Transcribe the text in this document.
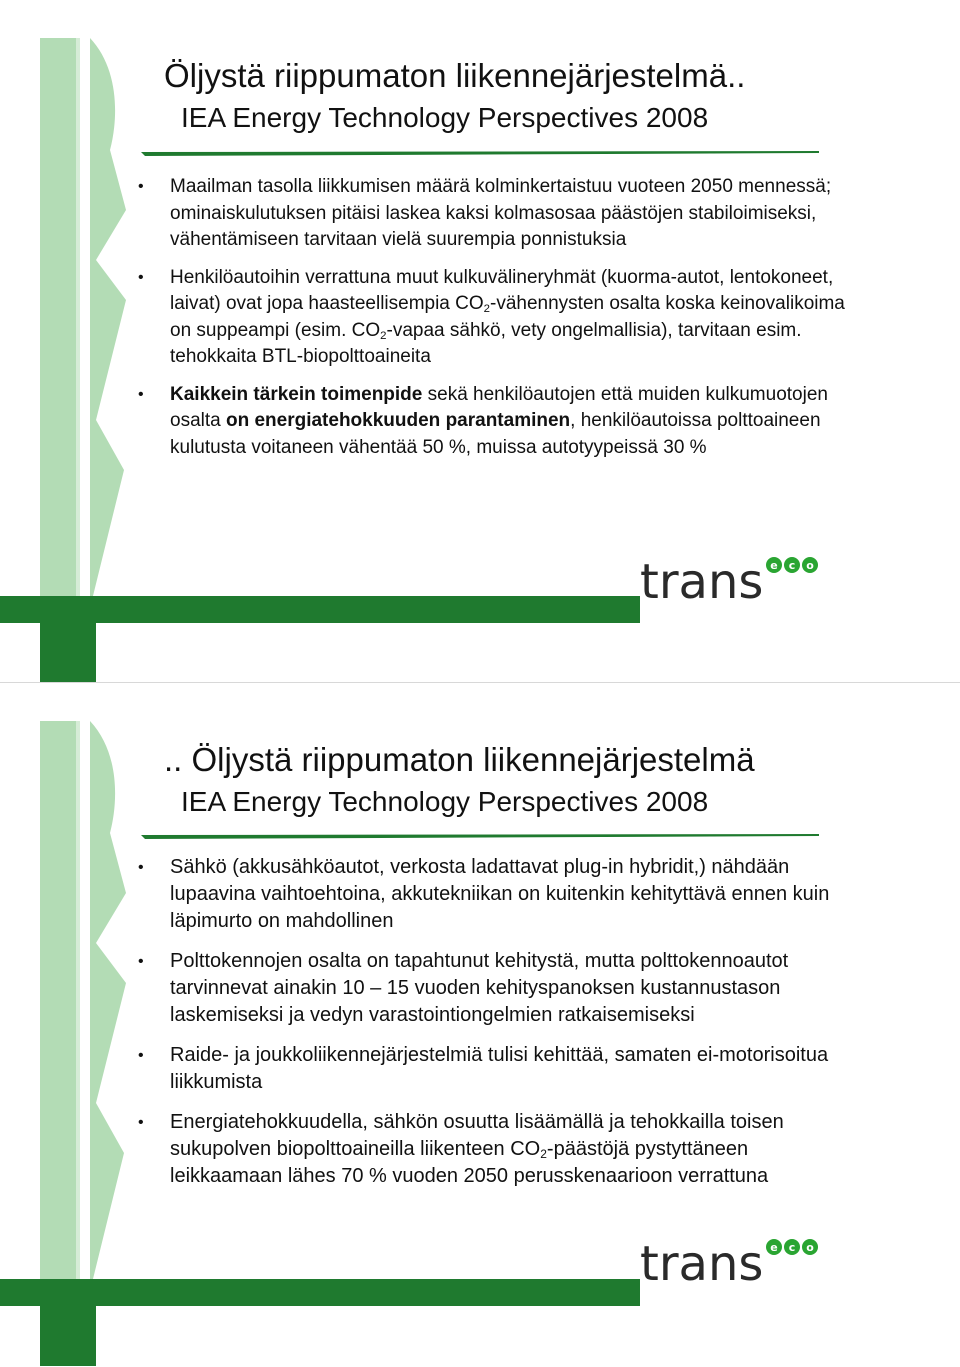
Öljystä riippumaton liikennejärjestelmä..
IEA Energy Technology Perspectives 2008
• Maailman tasolla liikkumisen määrä kolminkertaistuu vuoteen 2050 mennessä; ominaiskulutuksen pitäisi laskea kaksi kolmasosaa päästöjen stabiloimiseksi, vähentämiseen tarvitaan vielä suurempia ponnistuksia
• Henkilöautoihin verrattuna muut kulkuvälineryhmät (kuorma-autot, lentokoneet, laivat) ovat jopa haasteellisempia $CO_2$-vähennysten osalta koska keinovalikoima on suppeampi (esim. $CO_2$-vapaa sähkö, vety ongelmallisia), tarvitaan esim. tehokkaita BTL-biopolttoaineita
• Kaikkein tärkein toimenpide sekä henkilöautojen että muiden kulkumuotojen osalta on energiatehokkuuden parantaminen, henkilöautoissa polttoaineen kulutusta voitaneen vähentää 50 %, muissa autotyypeissä 30 %
trans e c o
.. Öljystä riippumaton liikennejärjestelmä
IEA Energy Technology Perspectives 2008
• Sähkö (akkusähköautot, verkosta ladattavat plug-in hybridit,) nähdään lupaavina vaihtoehtoina, akkutekniikan on kuitenkin kehityttävä ennen kuin läpimurto on mahdollinen
• Polttokennojen osalta on tapahtunut kehitystä, mutta polttokennoautot tarvinnevat ainakin 10 – 15 vuoden kehityspanoksen kustannustason laskemiseksi ja vedyn varastointiongelmien ratkaisemiseksi
• Raide- ja joukkoliikennejärjestelmiä tulisi kehittää, samaten ei-motorisoitua liikkumista
• Energiatehokkuudella, sähkön osuutta lisäämällä ja tehokkailla toisen sukupolven biopolttoaineilla liikenteen $CO_2$-päästöjä pystyttäneen leikkaamaan lähes 70 % vuoden 2050 perusskenaarioon verrattuna
trans e c o
